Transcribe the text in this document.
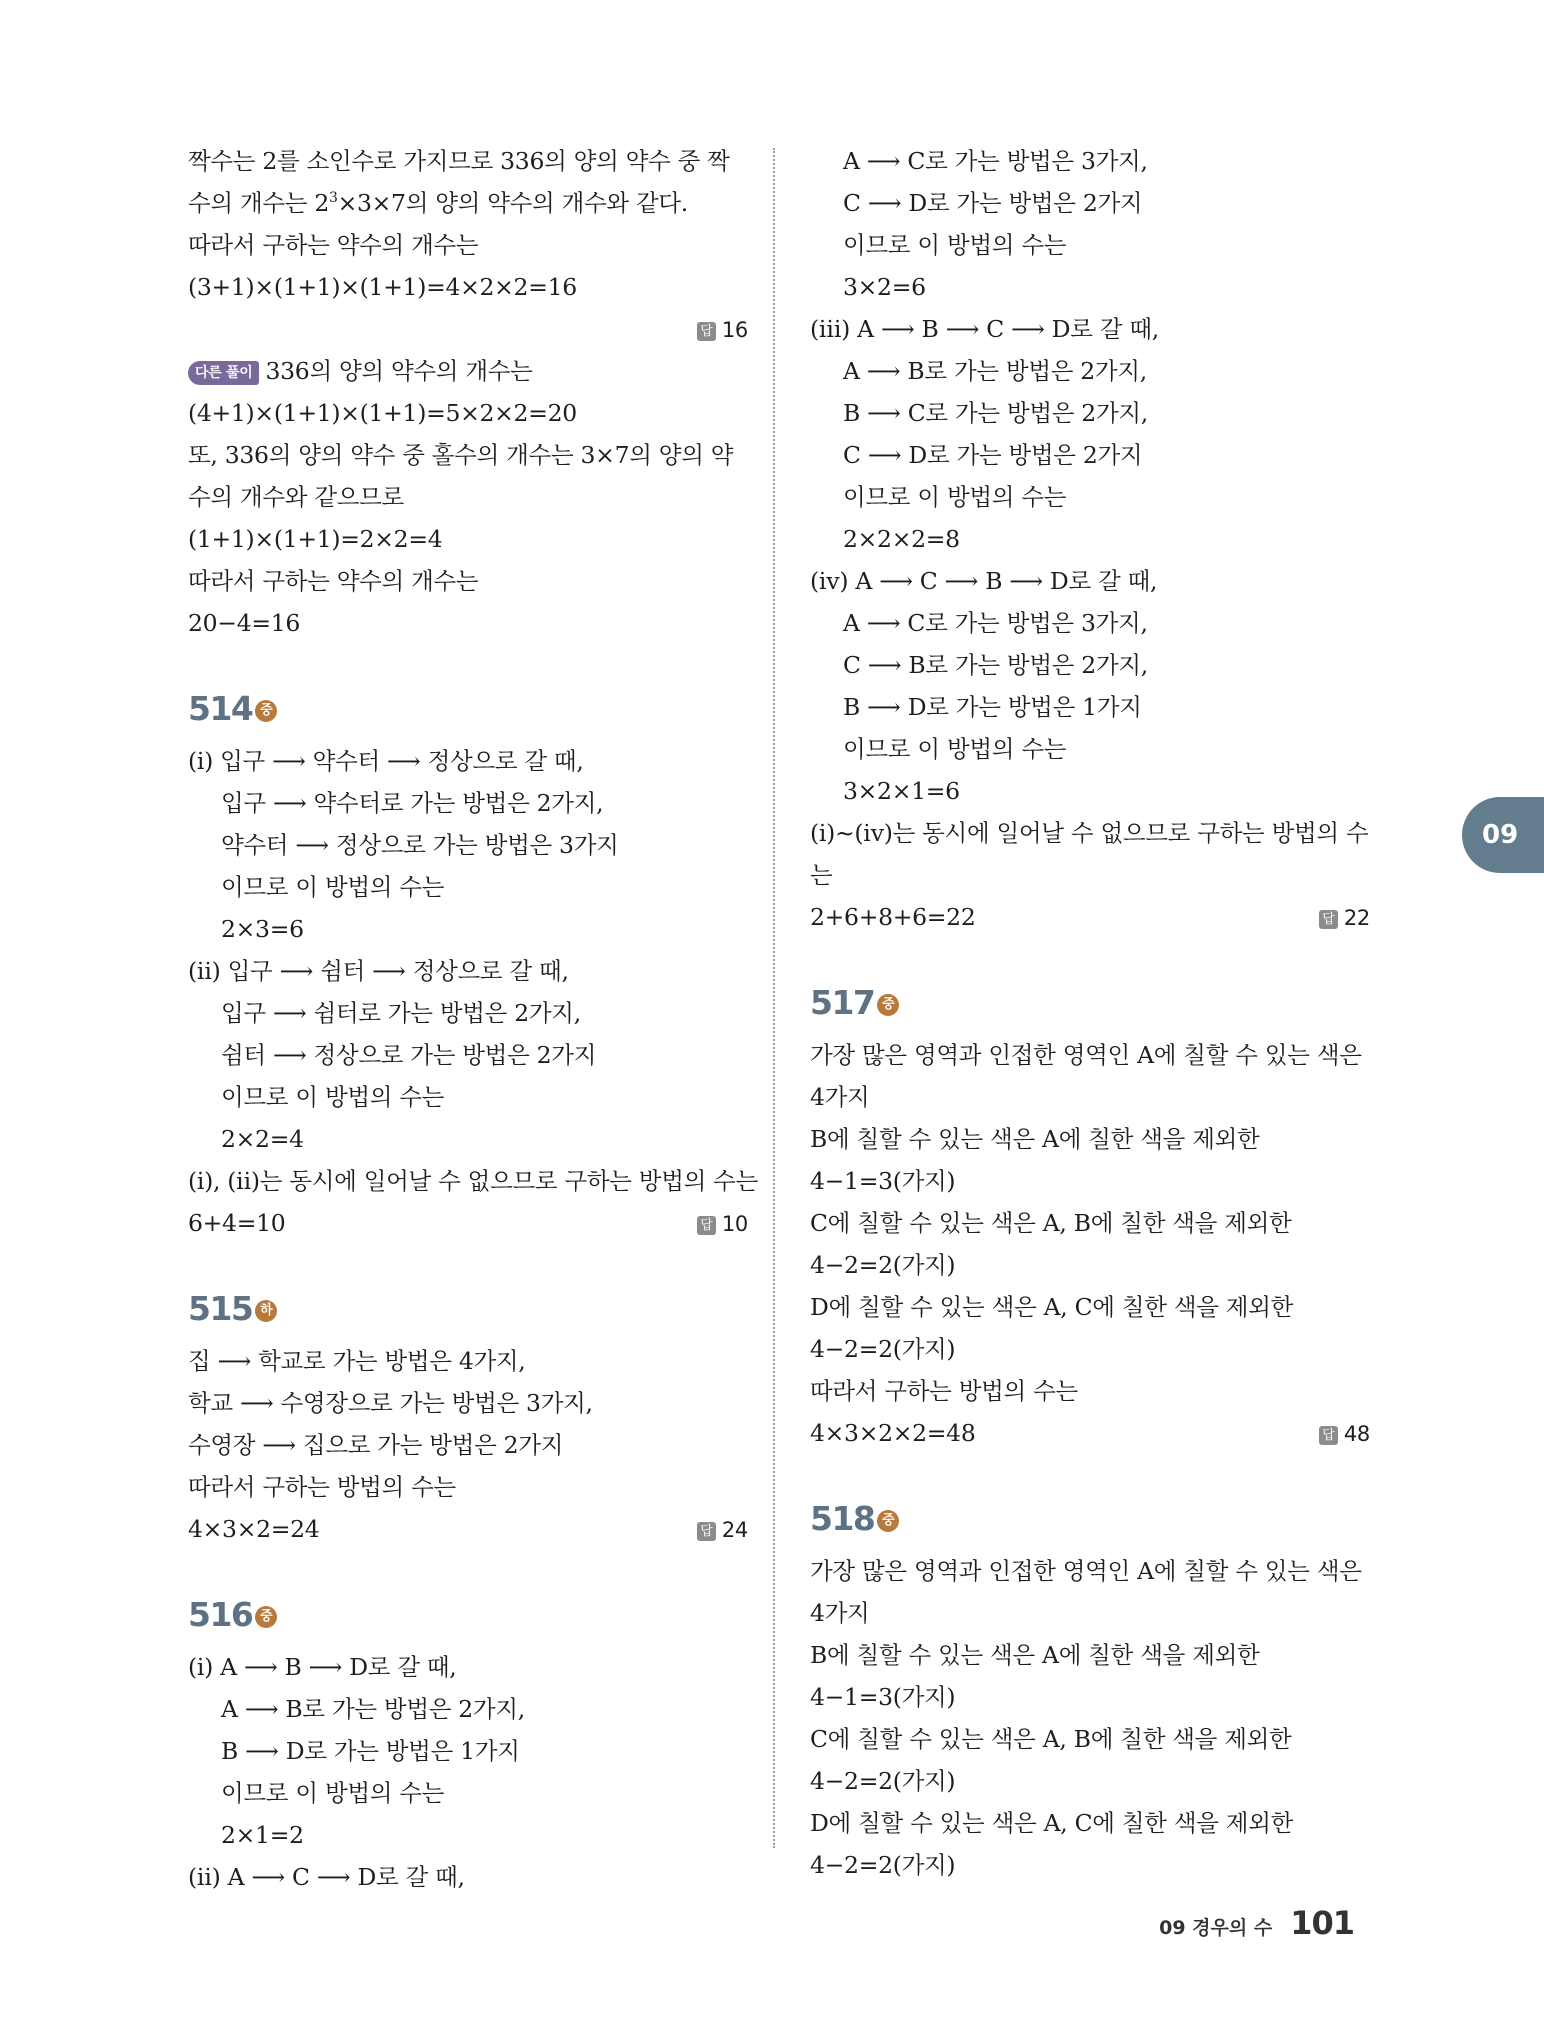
짝수는 2를 소인수로 가지므로 336의 양의 약수 중 짝
수의 개수는 $2^3\times 3\times 7$의 양의 약수의 개수와 같다.
따라서 구하는 약수의 개수는
(3+1)×(1+1)×(1+1)=4×2×2=16
답 16
다른 풀이 336의 양의 약수의 개수는
(4+1)×(1+1)×(1+1)=5×2×2=20
또, 336의 양의 약수 중 홀수의 개수는 3×7의 양의 약
수의 개수와 같으므로
(1+1)×(1+1)=2×2=4
따라서 구하는 약수의 개수는
20−4=16
514 중
(ⅰ) 입구 ⟶ 약수터 ⟶ 정상으로 갈 때,
입구 ⟶ 약수터로 가는 방법은 2가지,
약수터 ⟶ 정상으로 가는 방법은 3가지
이므로 이 방법의 수는
2×3=6
(ⅱ) 입구 ⟶ 쉼터 ⟶ 정상으로 갈 때,
입구 ⟶ 쉼터로 가는 방법은 2가지,
쉼터 ⟶ 정상으로 가는 방법은 2가지
이므로 이 방법의 수는
2×2=4
(ⅰ), (ⅱ)는 동시에 일어날 수 없으므로 구하는 방법의 수는
6+4=10	답 10
515 하
집 ⟶ 학교로 가는 방법은 4가지,
학교 ⟶ 수영장으로 가는 방법은 3가지,
수영장 ⟶ 집으로 가는 방법은 2가지
따라서 구하는 방법의 수는
4×3×2=24	답 24
516 중
(ⅰ) A ⟶ B ⟶ D로 갈 때,
A ⟶ B로 가는 방법은 2가지,
B ⟶ D로 가는 방법은 1가지
이므로 이 방법의 수는
2×1=2
(ⅱ) A ⟶ C ⟶ D로 갈 때,
A ⟶ C로 가는 방법은 3가지,
C ⟶ D로 가는 방법은 2가지
이므로 이 방법의 수는
3×2=6
(ⅲ) A ⟶ B ⟶ C ⟶ D로 갈 때,
A ⟶ B로 가는 방법은 2가지,
B ⟶ C로 가는 방법은 2가지,
C ⟶ D로 가는 방법은 2가지
이므로 이 방법의 수는
2×2×2=8
(ⅳ) A ⟶ C ⟶ B ⟶ D로 갈 때,
A ⟶ C로 가는 방법은 3가지,
C ⟶ B로 가는 방법은 2가지,
B ⟶ D로 가는 방법은 1가지
이므로 이 방법의 수는
3×2×1=6
(ⅰ)~(ⅳ)는 동시에 일어날 수 없으므로 구하는 방법의 수
는
2+6+8+6=22	답 22
517 중
가장 많은 영역과 인접한 영역인 A에 칠할 수 있는 색은
4가지
B에 칠할 수 있는 색은 A에 칠한 색을 제외한
4−1=3(가지)
C에 칠할 수 있는 색은 A, B에 칠한 색을 제외한
4−2=2(가지)
D에 칠할 수 있는 색은 A, C에 칠한 색을 제외한
4−2=2(가지)
따라서 구하는 방법의 수는
4×3×2×2=48	답 48
518 중
가장 많은 영역과 인접한 영역인 A에 칠할 수 있는 색은
4가지
B에 칠할 수 있는 색은 A에 칠한 색을 제외한
4−1=3(가지)
C에 칠할 수 있는 색은 A, B에 칠한 색을 제외한
4−2=2(가지)
D에 칠할 수 있는 색은 A, C에 칠한 색을 제외한
4−2=2(가지)
09
09 경우의 수 101
